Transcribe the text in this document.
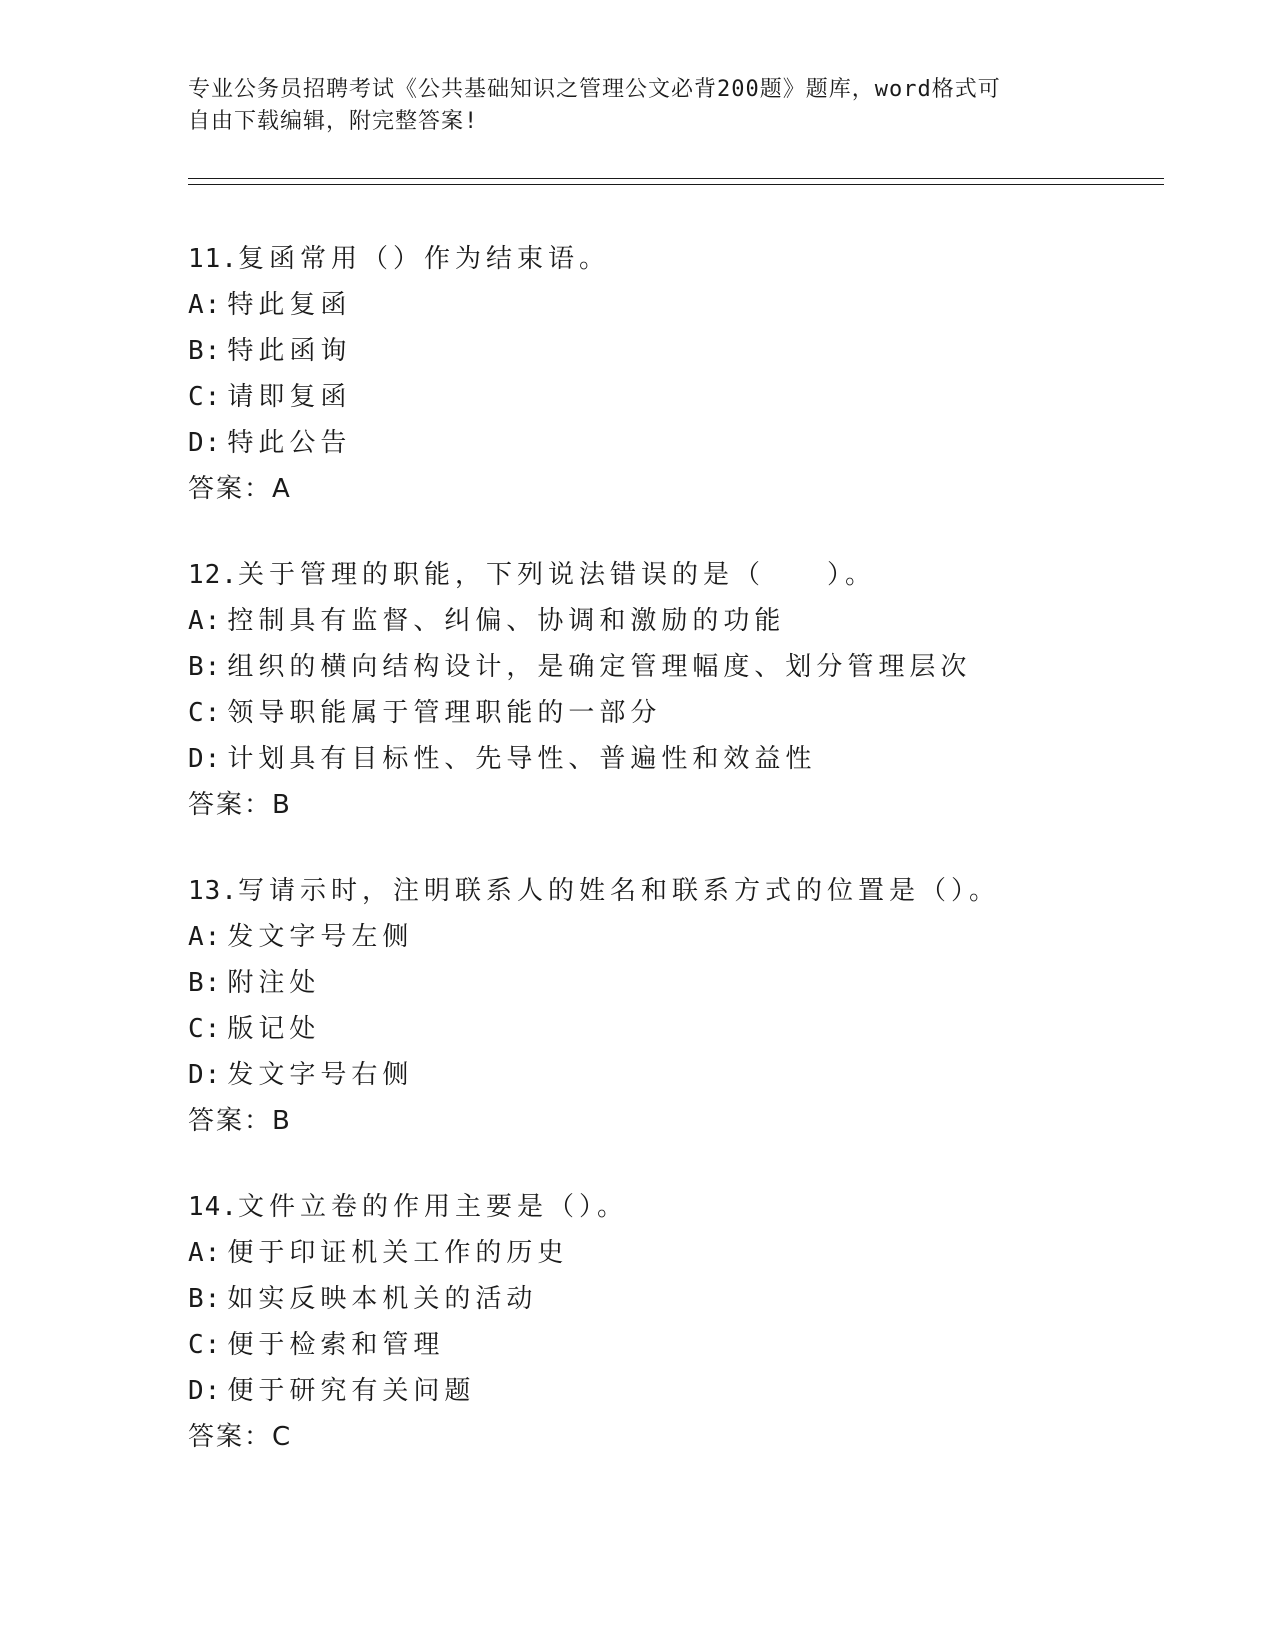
专业公务员招聘考试《公共基础知识之管理公文必背200题》题库，word格式可
自由下载编辑，附完整答案!
11.复函常用（）作为结束语。
A: 特此复函
B: 特此函询
C: 请即复函
D: 特此公告
答案：A
12.关于管理的职能，下列说法错误的是（　　）。
A: 控制具有监督、纠偏、协调和激励的功能
B: 组织的横向结构设计，是确定管理幅度、划分管理层次
C: 领导职能属于管理职能的一部分
D: 计划具有目标性、先导性、普遍性和效益性
答案：B
13.写请示时，注明联系人的姓名和联系方式的位置是（）。
A: 发文字号左侧
B: 附注处
C: 版记处
D: 发文字号右侧
答案：B
14.文件立卷的作用主要是（）。
A: 便于印证机关工作的历史
B: 如实反映本机关的活动
C: 便于检索和管理
D: 便于研究有关问题
答案：C
